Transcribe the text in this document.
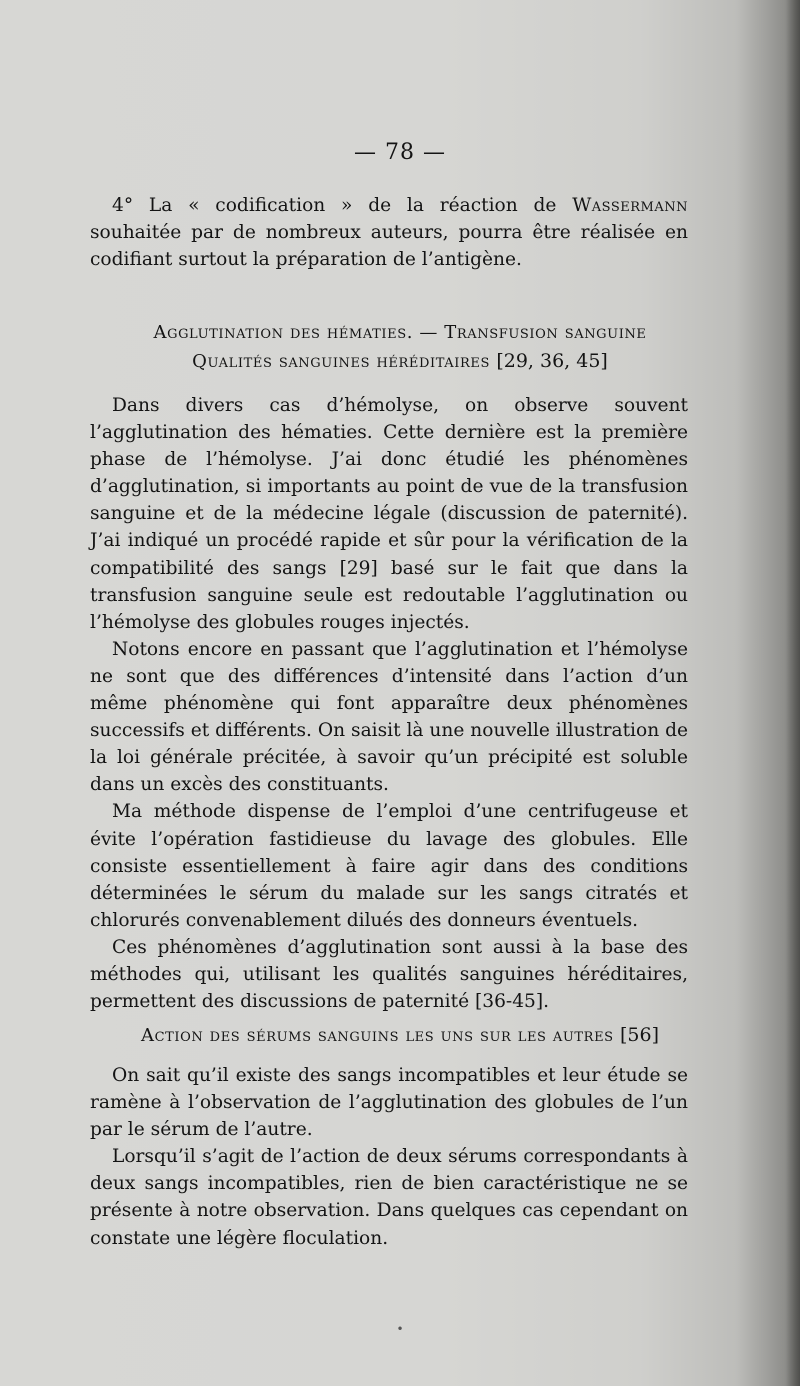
— 78 —

4° La « codification » de la réaction de Wassermann souhaitée par de nombreux auteurs, pourra être réalisée en codifiant surtout la préparation de l’antigène.

Agglutination des hématies. — Transfusion sanguine
Qualités sanguines héréditaires [29, 36, 45]

Dans divers cas d’hémolyse, on observe souvent l’agglutination des hématies. Cette dernière est la première phase de l’hémolyse. J’ai donc étudié les phénomènes d’agglutination, si importants au point de vue de la transfusion sanguine et de la médecine légale (discussion de paternité). J’ai indiqué un procédé rapide et sûr pour la vérification de la compatibilité des sangs [29] basé sur le fait que dans la transfusion sanguine seule est redoutable l’agglutination ou l’hémolyse des globules rouges injectés.

Notons encore en passant que l’agglutination et l’hémolyse ne sont que des différences d’intensité dans l’action d’un même phénomène qui font apparaître deux phénomènes successifs et différents. On saisit là une nouvelle illustration de la loi générale précitée, à savoir qu’un précipité est soluble dans un excès des constituants.

Ma méthode dispense de l’emploi d’une centrifugeuse et évite l’opération fastidieuse du lavage des globules. Elle consiste essentiellement à faire agir dans des conditions déterminées le sérum du malade sur les sangs citratés et chlorurés convenablement dilués des donneurs éventuels.

Ces phénomènes d’agglutination sont aussi à la base des méthodes qui, utilisant les qualités sanguines héréditaires, permettent des discussions de paternité [36-45].

Action des sérums sanguins les uns sur les autres [56]

On sait qu’il existe des sangs incompatibles et leur étude se ramène à l’observation de l’agglutination des globules de l’un par le sérum de l’autre.

Lorsqu’il s’agit de l’action de deux sérums correspondants à deux sangs incompatibles, rien de bien caractéristique ne se présente à notre observation. Dans quelques cas cependant on constate une légère floculation.

•
